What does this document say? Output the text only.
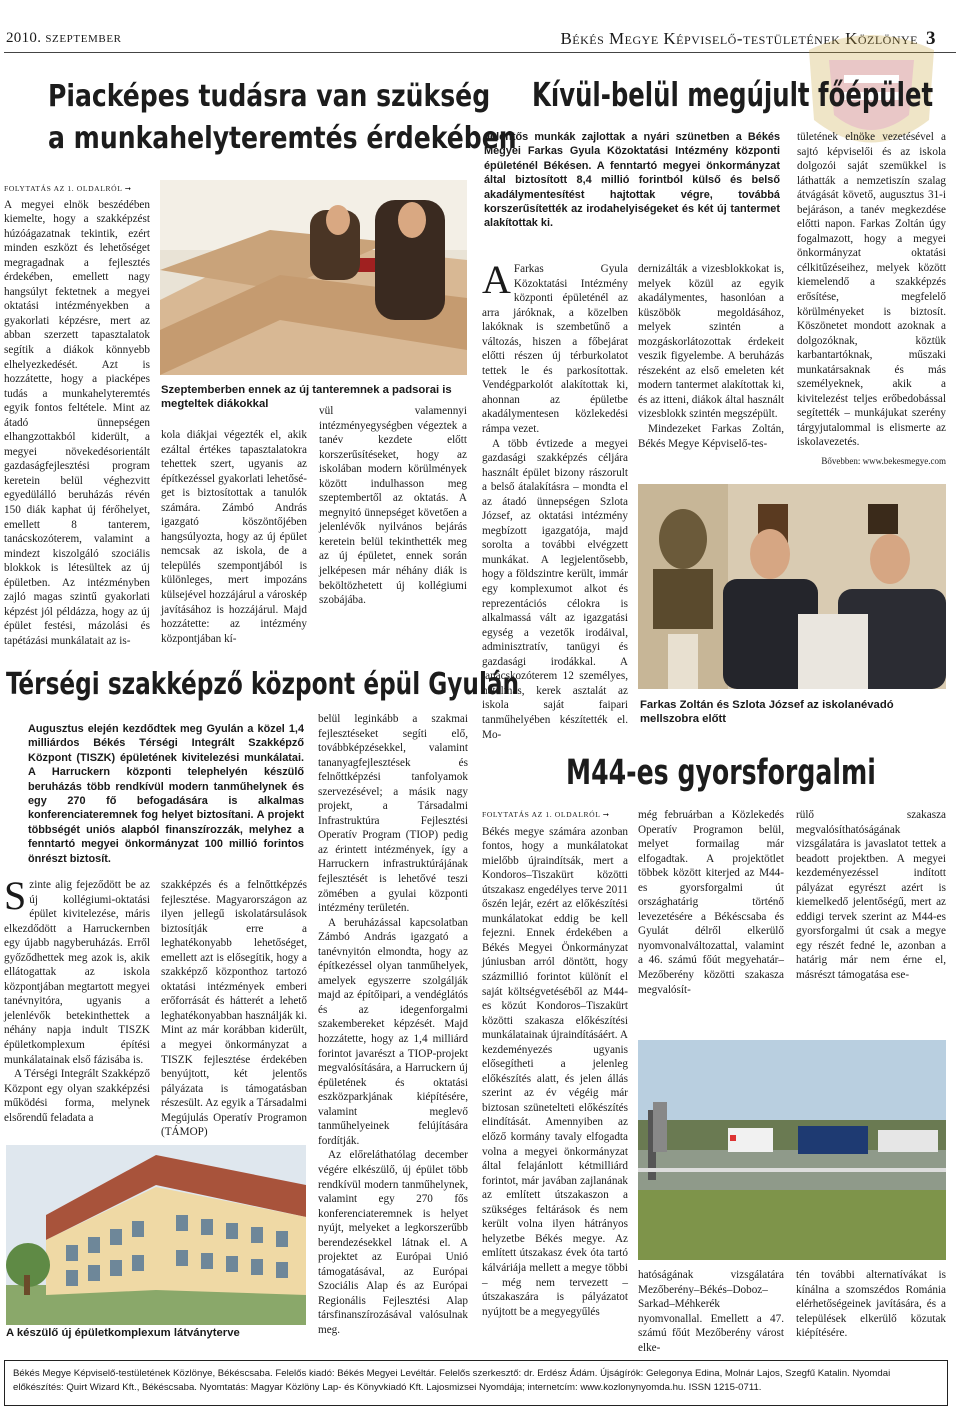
2010. SZEPTEMBER	Békés Megye Képviselő-testületének Közlönye 3
Piacképes tudásra van szükség
a munkahelyteremtés érdekében
FOLYTATÁS AZ 1. OLDALRÓL ➞

A megyei elnök beszédében kiemelte, hogy a szakképzést húzóágazatnak tekintik, ezért minden eszközt és lehetőséget megragadnak a fejlesztés érdekében, emellett nagy hangsúlyt fektetnek a megyei oktatási intézményekben a gyakorlati képzésre, mert az abban szerzett tapasztalatok segítik a diákok könnyebb elhelyezkedését. Azt is hozzátette, hogy a piacképes tudás a munkahelyteremtés egyik fontos feltétele. Mint az átadó ünnepségen elhangzottakból kiderült, a megyei növekedésorientált gazdaságfejlesztési program keretein belül véghezvitt egyedülálló beruházás révén 150 diák kaphat új férőhelyet, emellett 8 tanterem, tanácskozóterem, valamint a mindezt kiszolgáló szociális blokkok is létesültek az új épületben. Az intézményben zajló magas szintű gyakorlati képzést jól példázza, hogy az új épület festési, mázolási és tapétázási munkálatait az is-

Szeptemberben ennek az új tanteremnek a padsorai is megteltek diákokkal

kola diákjai végezték el, akik ezáltal értékes tapasztalatokra tehettek szert, ugyanis az építkezéssel gyakorlati lehetőséget is biztosítottak a tanulók számára. Zámbó András igazgató köszöntőjében hangsúlyozta, hogy az új épület nemcsak az iskola, de a település szempontjából is különleges, mert impozáns külsejével hozzájárul a városkép javításához is hozzájárul. Majd hozzátette: az intézmény központjában kí-

vül valamennyi intézményegységben végeztek a tanév kezdete előtt korszerűsítéseket, hogy az iskolában modern körülmények között indulhasson meg szeptembertől az oktatás. A megnyitó ünnepséget követően a jelenlévők nyilvános bejárás keretein belül tekinthették meg az új épületet, ennek során jelképesen már néhány diák is beköltözhetett új kollégiumi szobájába.

Kívül-belül megújult főépület
Jelentős munkák zajlottak a nyári szünetben a Békés Megyei Farkas Gyula Közoktatási Intézmény központi épületénél Békésen. A fenntartó megyei önkormányzat által biztosított 8,4 millió forintból külső és belső akadálymentesítést hajtottak végre, továbbá korszerűsítették az irodahelyiségeket és két új tantermet alakítottak ki.

A Farkas Gyula Közoktatási Intézmény központi épületénél az arra járóknak, a közelben lakóknak is szembetűnő a változás, hiszen a főbejárat előtti részen új térburkolatot tettek le és parkosítottak. Vendégparkolót alakítottak ki, ahonnan az épületbe akadálymentesen közlekedési rámpa vezet.

A több évtizede a megyei gazdasági szakképzés céljára használt épület bizony rászorult a belső átalakításra – mondta el az átadó ünnepségen Szlota József, az oktatási intézmény megbízott igazgatója, majd sorolta a további elvégzett munkákat. A legjelentősebb, hogy a földszintre került, immár egy komplexumot alkot és reprezentációs célokra is alkalmassá vált az igazgatási egység a vezetők irodáival, adminisztratív, tanügyi és gazdasági irodákkal. A tanácskozóterem 12 személyes, hatalmas, kerek asztalát az iskola saját faipari tanműhelyében készítették el. Mo-

dernizálták a vizesblokkokat is, melyek közül az egyik akadálymentes, hasonlóan a küszöbök megoldásához, melyek szintén a mozgáskorlátozottak érdekeit veszik figyelembe. A beruházás részeként az első emeleten két modern tantermet alakítottak ki, és az itteni, diákok által használt vizesblokk szintén megszépült.

Mindezeket Farkas Zoltán, Békés Megye Képviselő-tes-

tületének elnöke vezetésével a sajtó képviselői és az iskola dolgozói saját szemükkel is láthatták a nemzetiszín szalag átvágását követő, augusztus 31-i bejáráson, a tanév megkezdése előtti napon. Farkas Zoltán úgy fogalmazott, hogy a megyei önkormányzat oktatási célkitűzéseihez, melyek között kiemelendő a szakképzés erősítése, megfelelő körülményeket is biztosít. Köszönetet mondott azoknak a dolgozóknak, köztük karbantartóknak, műszaki munkatársaknak és más személyeknek, akik a kivitelezést teljes erőbedobással segítették – munkájukat szerény tárgyjutalommal is elismerte az iskolavezetés.

Bővebben: www.bekesmegye.com
Farkas Zoltán és Szlota József az iskolanévadó mellszobra előtt
Térségi szakképző központ épül Gyulán
Augusztus elején kezdődtek meg Gyulán a közel 1,4 milliárdos Békés Térségi Integrált Szakképző Központ (TISZK) épületének kivitelezési munkálatai. A Harruckern központi telephelyén készülő beruházás több rendkívül modern tanműhelynek és egy 270 fő befogadására is alkalmas konferenciateremnek fog helyet biztosítani. A projekt többségét uniós alapból finanszírozzák, melyhez a fenntartó megyei önkormányzat 100 millió forintos önrészt biztosít.

Szinte alig fejeződött be az új kollégiumi-oktatási épület kivitelezése, máris elkezdődött a Harruckernben egy újabb nagyberuházás. Erről győződhettek meg azok is, akik ellátogattak az iskola központjában megtartott megyei tanévnyitóra, ugyanis a jelenlévők betekinthettek a néhány napja indult TISZK épületkomplexum építési munkálatainak első fázisába is.

A Térségi Integrált Szakképző Központ egy olyan szakképzési működési forma, melynek elsőrendű feladata a

szakképzés és a felnőttképzés fejlesztése. Magyarországon az ilyen jellegű iskolatársulások biztosítják erre a leghatékonyabb lehetőséget, emellett azt is elősegítik, hogy a szakképző központhoz tartozó oktatási intézmények emberi erőforrását és hátterét a lehető leghatékonyabban használják ki. Mint az már korábban kiderült, a megyei önkormányzat a TISZK fejlesztése érdekében benyújtott, két jelentős pályázata is támogatásban részesült. Az egyik a Társadalmi Megújulás Operatív Programon (TÁMOP)

belül leginkább a szakmai fejlesztéseket segíti elő, továbbképzésekkel, valamint tananyagfejlesztések és felnőttképzési tanfolyamok szervezésével; a másik nagy projekt, a Társadalmi Infrastruktúra Fejlesztési Operatív Program (TIOP) pedig az érintett intézmények, így a Harruckern infrastruktúrájának fejlesztését is lehetővé teszi zömében a gyulai központi intézmény területén.

A beruházással kapcsolatban Zámbó András igazgató a tanévnyitón elmondta, hogy az építkezéssel olyan tanműhelyek, amelyek egyszerre szolgálják majd az építőipari, a vendéglátós és az idegenforgalmi szakembereket képzését. Majd hozzátette, hogy az 1,4 milliárd forintot javarészt a TIOP-projekt megvalósítására, a Harruckern új épületének és oktatási eszközparkjának kiépítésére, valamint meglevő tanműhelyeinek felújítására fordítják.

Az előreláthatólag december végére elkészülő, új épület több rendkívül modern tanműhelynek, valamint egy 270 fős konferenciateremnek is helyet nyújt, melyeket a legkorszerűbb berendezésekkel látnak el. A projektet az Európai Unió támogatásával, az Európai Szociális Alap és az Európai Regionális Fejlesztési Alap társfinanszírozásával valósulnak meg.

A készülő új épületkomplexum látványterve
M44-es gyorsforgalmi
FOLYTATÁS AZ 1. OLDALRÓL ➞

Békés megye számára azonban fontos, hogy a munkálatokat mielőbb újraindítsák, mert a Kondoros–Tiszakürt közötti útszakasz engedélyes terve 2011 őszén lejár, ezért az előkészítési munkálatokat eddig be kell fejezni. Ennek érdekében a Békés Megyei Önkormányzat júniusban arról döntött, hogy százmillió forintot különít el saját költségvetéséből az M44-es közút Kondoros–Tiszakürt közötti szakasza előkészítési munkálatainak újraindításáért. A kezdeményezés ugyanis elősegítheti a jelenleg előkészítés alatt, és jelen állás szerint az év végéig már biztosan szünetelteti előkészítés elindítását. Amennyiben az előző kormány tavaly elfogadta volna a megyei önkormányzat által felajánlott kétmilliárd forintot, már javában zajlanának az említett útszakaszon a szükséges feltárások és nem került volna ilyen hátrányos helyzetbe Békés megye. Az említett útszakasz évek óta tartó kálváriája mellett a megye többi – még nem tervezett – útszakaszára is pályázatot nyújtott be a megyegyűlés

még februárban a Közlekedés Operatív Programon belül, melyet formailag már elfogadtak. A projektötlet többek között kiterjed az M44-es gyorsforgalmi út országhatárig történő levezetésére a Békéscsaba és Gyulát délről elkerülő nyomvonalváltozattal, valamint a 46. számú főút megyehatár–Mezőberény közötti szakasza megvalósít-

rülő szakasza megvalósíthatóságának vizsgálatára is javaslatot tettek a beadott projektben. A megyei kezdeményezéssel indított pályázat egyrészt azért is kiemelkedő jelentőségű, mert az eddigi tervek szerint az M44-es gyorsforgalmi út csak a megye egy részét fedné le, azonban a határig már nem érne el, másrészt támogatása ese-

hatóságának vizsgálatára Mezőberény–Békés–Doboz–Sarkad–Méhkerék nyomvonallal. Emellett a 47. számú főút Mezőberény várost elke-

tén további alternatívákat is kínálna a szomszédos Románia elérhetőségeinek javítására, és a települések elkerülő közutak kiépítésére.

Békés Megye Képviselő-testületének Közlönye, Békéscsaba. Felelős kiadó: Békés Megyei Levéltár. Felelős szerkesztő: dr. Erdész Ádám. Újságírók: Gelegonya Edina, Molnár Lajos, Szegfű Katalin. Nyomdai előkészítés: Quirt Wizard Kft., Békéscsaba. Nyomtatás: Magyar Közlöny Lap- és Könyvkiadó Kft. Lajosmizsei Nyomdája; internetcím: www.kozlonynyomda.hu. ISSN 1215-0711.
